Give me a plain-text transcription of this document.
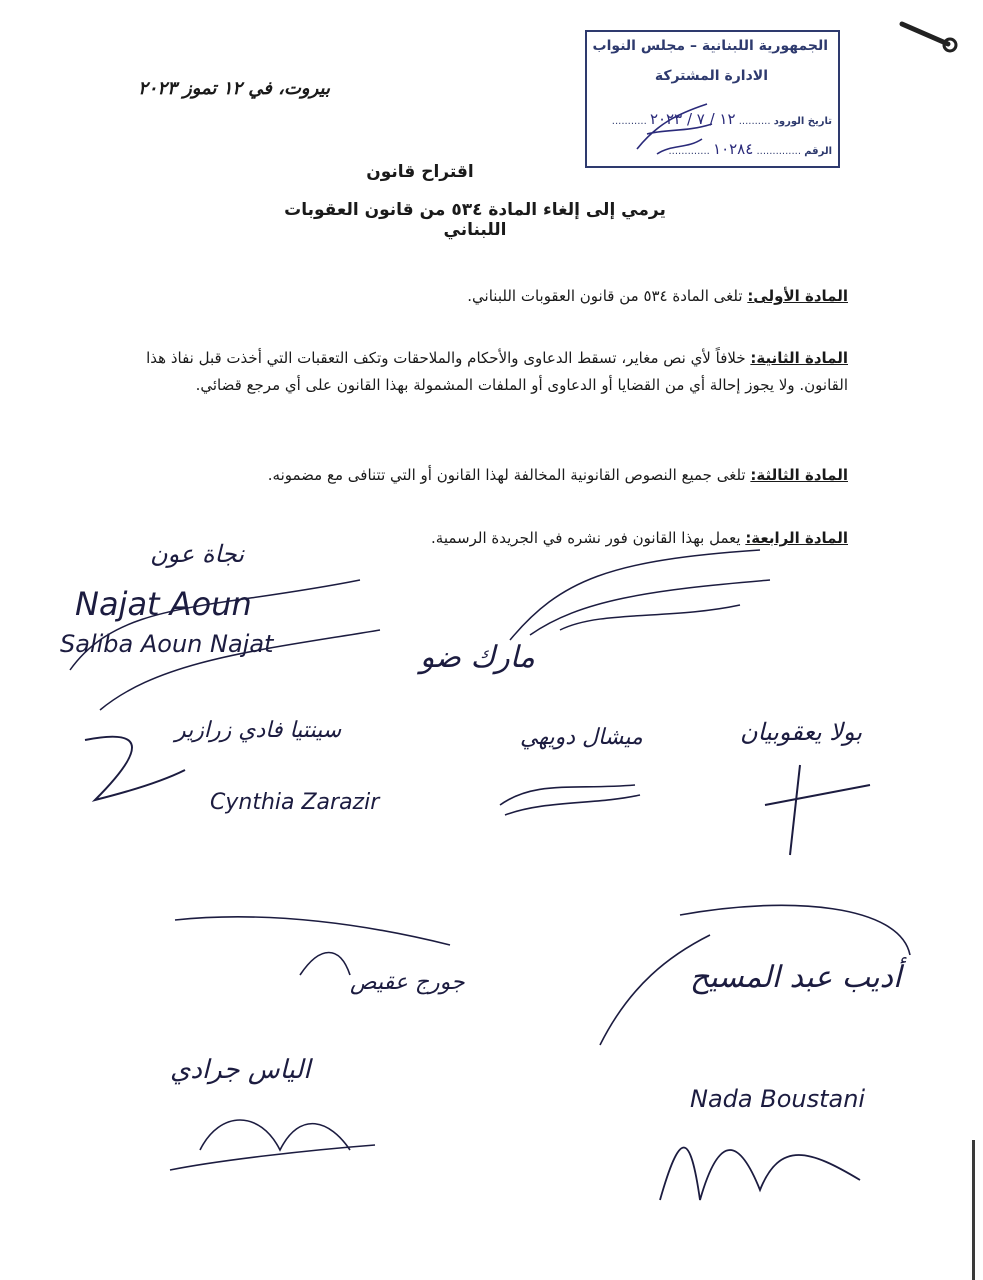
الجمهورية اللبنانية – مجلس النواب
الادارة المشتركة
تاريخ الورود .......... ١٢ / ٧ / ٢٠٢٣ ...........
الرقم .............. ١٠٢٨٤ .............
بيروت، في ١٢ تموز ٢٠٢٣
اقتراح قانون
يرمي إلى إلغاء المادة ٥٣٤ من قانون العقوبات اللبناني
المادة الأولى: تلغى المادة ٥٣٤ من قانون العقوبات اللبناني.
المادة الثانية: خلافاً لأي نص مغاير، تسقط الدعاوى والأحكام والملاحقات وتكف التعقبات التي أخذت قبل نفاذ هذا القانون. ولا يجوز إحالة أي من القضايا أو الدعاوى أو الملفات المشمولة بهذا القانون على أي مرجع قضائي.
المادة الثالثة: تلغى جميع النصوص القانونية المخالفة لهذا القانون أو التي تتنافى مع مضمونه.
المادة الرابعة: يعمل بهذا القانون فور نشره في الجريدة الرسمية.
نجاة عون
Najat Aoun
Saliba Aoun Najat	مارك ضو
سينتيا فادي زرازير
Cynthia Zarazir
ميشال دويهي	بولا يعقوبيان
جورج عقيص	أديب عبد المسيح
الياس جرادي
Nada Boustani
